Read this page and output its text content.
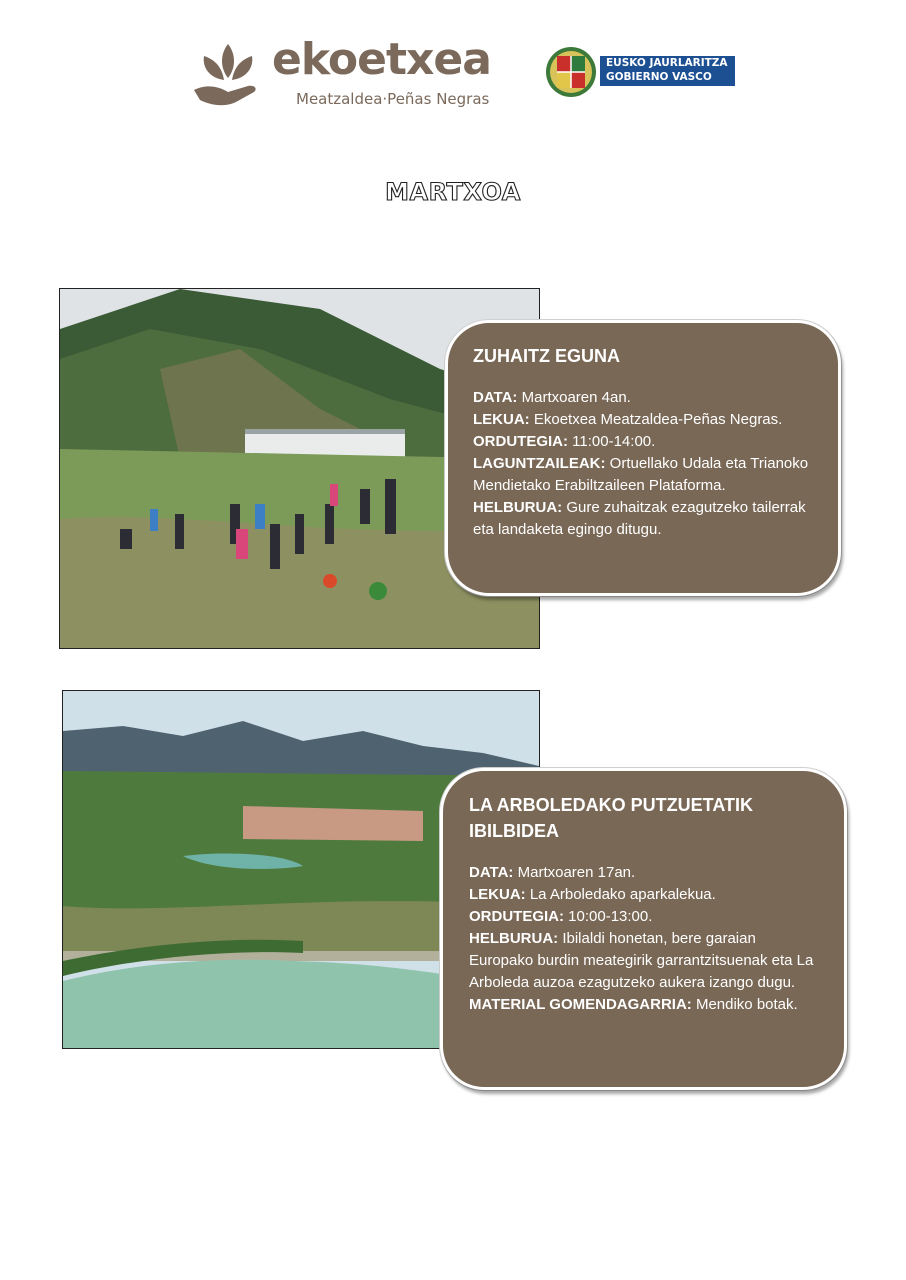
ekoetxea
Meatzaldea·Peñas Negras
EUSKO JAURLARITZA
GOBIERNO VASCO
MARTXOA
ZUHAITZ EGUNA

DATA: Martxoaren 4an.

LEKUA: Ekoetxea Meatzaldea-Peñas Negras.

ORDUTEGIA: 11:00-14:00.

LAGUNTZAILEAK: Ortuellako Udala eta Trianoko Mendietako Erabiltzaileen Plataforma.

HELBURUA: Gure zuhaitzak ezagutzeko tailerrak eta landaketa egingo ditugu.

LA ARBOLEDAKO PUTZUETATIK IBILBIDEA

DATA: Martxoaren 17an.

LEKUA: La Arboledako aparkalekua.

ORDUTEGIA: 10:00-13:00.

HELBURUA: Ibilaldi honetan, bere garaian Europako burdin meategirik garrantzitsuenak eta La Arboleda auzoa ezagutzeko aukera izango dugu.

MATERIAL GOMENDAGARRIA: Mendiko botak.
